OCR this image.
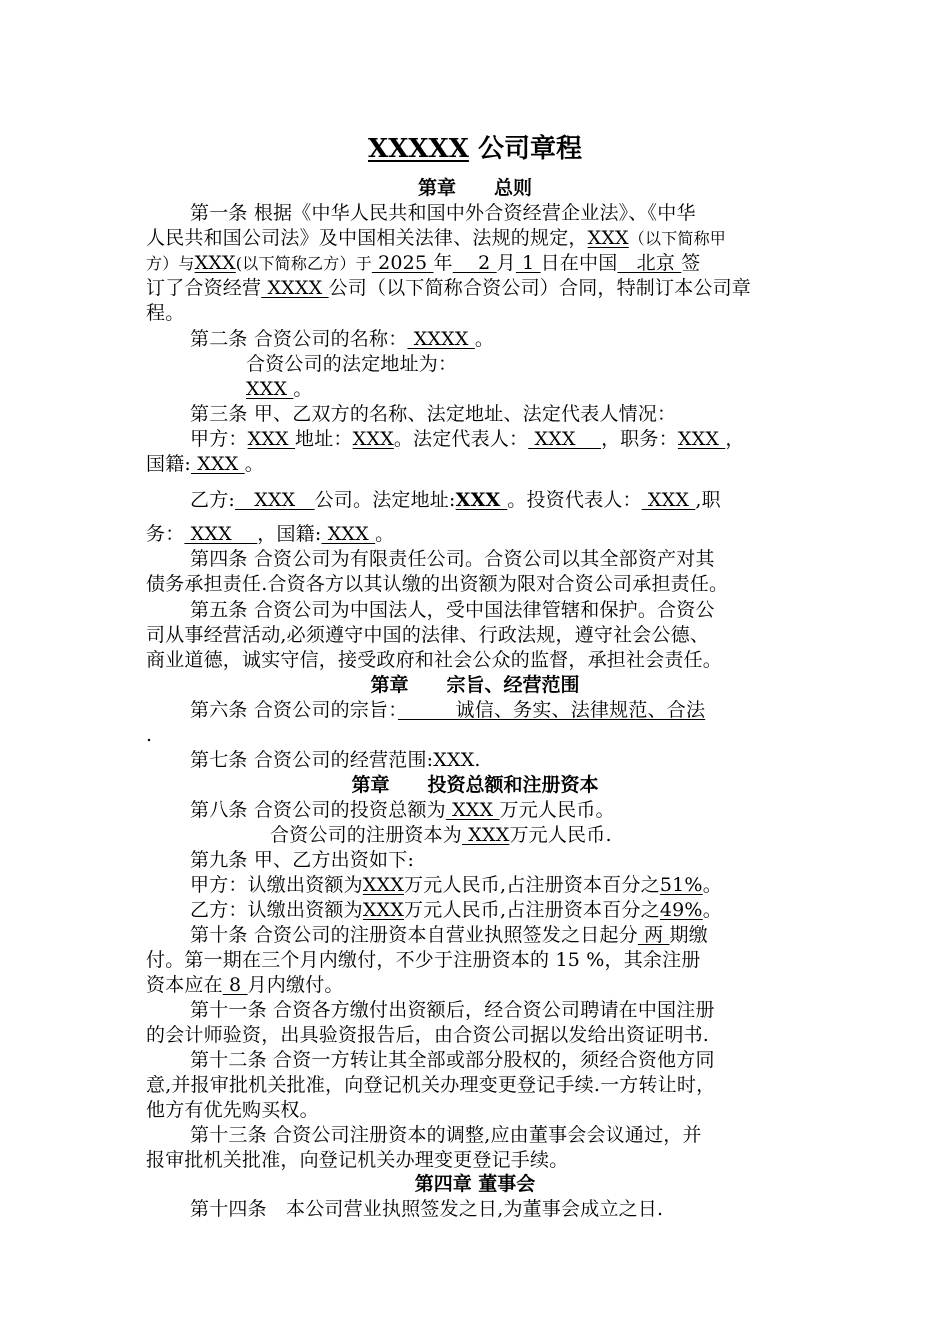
XXXXX 公司章程
第章　　总则
第一条 根据《中华人民共和国中外合资经营企业法》、《中华
人民共和国公司法》及中国相关法律、法规的规定，XXX（以下简称甲
方）与XXX(以下简称乙方）于 2025 年　 2 月 1 日在中国　北京 签
订了合资经营 XXXX 公司（以下简称合资公司）合同，特制订本公司章
程。
第二条 合资公司的名称： XXXX 。
合资公司的法定地址为：
XXX 。
第三条 甲、乙双方的名称、法定地址、法定代表人情况：
甲方：XXX 地址：XXX。法定代表人： XXX　 ，职务：XXX ，
国籍: XXX 。
乙方:　XXX　公司。法定地址:XXX 。投资代表人： XXX ,职
务： XXX　 ，国籍: XXX 。
第四条 合资公司为有限责任公司。合资公司以其全部资产对其
债务承担责任.合资各方以其认缴的出资额为限对合资公司承担责任。
第五条 合资公司为中国法人，受中国法律管辖和保护。合资公
司从事经营活动,必须遵守中国的法律、行政法规，遵守社会公德、
商业道德，诚实守信，接受政府和社会公众的监督，承担社会责任。
第章　　宗旨、经营范围
第六条 合资公司的宗旨：　　　诚信、务实、法律规范、合法
.
第七条 合资公司的经营范围:XXX.
第章　　投资总额和注册资本
第八条 合资公司的投资总额为 XXX 万元人民币。
合资公司的注册资本为 XXX万元人民币.
第九条 甲、乙方出资如下:
甲方：认缴出资额为XXX万元人民币,占注册资本百分之51%。
乙方：认缴出资额为XXX万元人民币,占注册资本百分之49%。
第十条 合资公司的注册资本自营业执照签发之日起分 两 期缴
付。第一期在三个月内缴付，不少于注册资本的 15 %，其余注册
资本应在 8 月内缴付。
第十一条 合资各方缴付出资额后，经合资公司聘请在中国注册
的会计师验资，出具验资报告后，由合资公司据以发给出资证明书.
第十二条 合资一方转让其全部或部分股权的，须经合资他方同
意,并报审批机关批准，向登记机关办理变更登记手续.一方转让时，
他方有优先购买权。
第十三条 合资公司注册资本的调整,应由董事会会议通过，并
报审批机关批准，向登记机关办理变更登记手续。
第四章 董事会
第十四条　本公司营业执照签发之日,为董事会成立之日.
